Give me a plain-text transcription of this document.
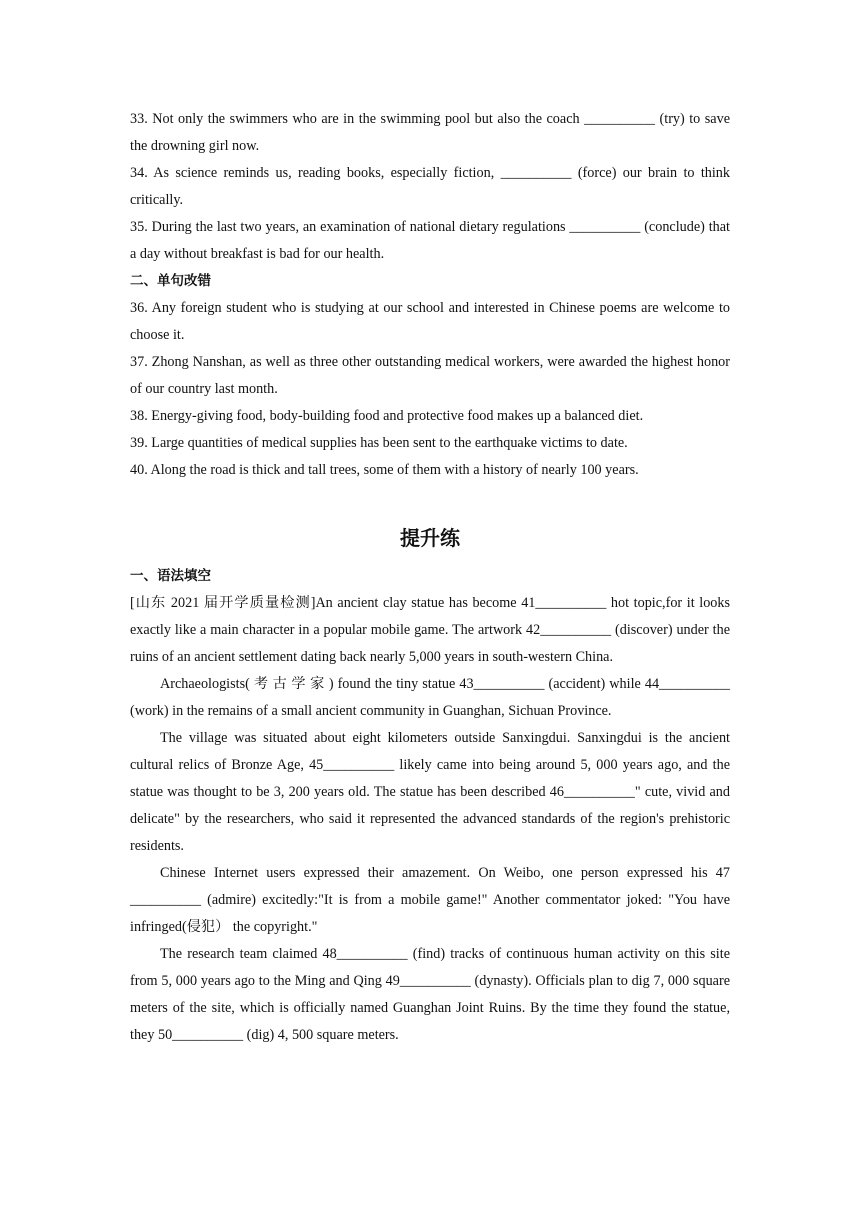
33. Not only the swimmers who are in the swimming pool but also the coach __________ (try) to save the drowning girl now.

34. As science reminds us, reading books, especially fiction, __________ (force) our brain to think critically.

35. During the last two years, an examination of national dietary regulations __________ (conclude) that a day without breakfast is bad for our health.

二、单句改错

36. Any foreign student who is studying at our school and interested in Chinese poems are welcome to choose it.

37. Zhong Nanshan, as well as three other outstanding medical workers, were awarded the highest honor of our country last month.

38. Energy-giving food, body-building food and protective food makes up a balanced diet.

39. Large quantities of medical supplies has been sent to the earthquake victims to date.

40. Along the road is thick and tall trees, some of them with a history of nearly 100 years.

提升练

一、语法填空

[山东 2021 届开学质量检测]An ancient clay statue has become 41__________ hot topic,for it looks exactly like a main character in a popular mobile game. The artwork 42__________ (discover) under the ruins of an ancient settlement dating back nearly 5,000 years in south-western China.

Archaeologists( 考 古 学 家 ) found the tiny statue 43__________ (accident) while 44__________ (work) in the remains of a small ancient community in Guanghan, Sichuan Province.

The village was situated about eight kilometers outside Sanxingdui. Sanxingdui is the ancient cultural relics of Bronze Age, 45__________ likely came into being around 5, 000 years ago, and the statue was thought to be 3, 200 years old. The statue has been described 46__________" cute, vivid and delicate" by the researchers, who said it represented the advanced standards of the region's prehistoric residents.

Chinese Internet users expressed their amazement. On Weibo, one person expressed his 47 __________ (admire) excitedly:"It is from a mobile game!" Another commentator joked: "You have infringed(侵犯） the copyright."

The research team claimed 48__________ (find) tracks of continuous human activity on this site from 5, 000 years ago to the Ming and Qing 49__________ (dynasty). Officials plan to dig 7, 000 square meters of the site, which is officially named Guanghan Joint Ruins. By the time they found the statue, they 50__________ (dig) 4, 500 square meters.
